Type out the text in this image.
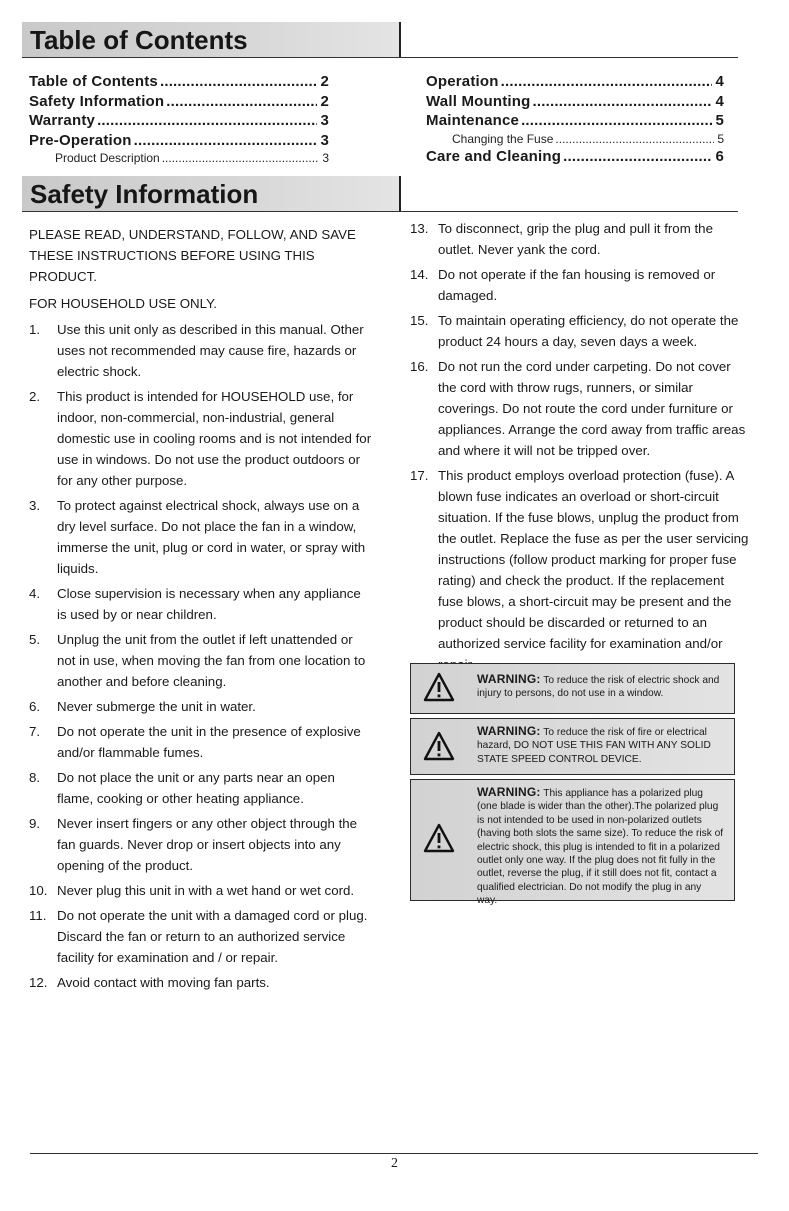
Table of Contents
Table of Contents .....	2
Safety Information .....	2
Warranty .....	3
Pre-Operation .....	3
Product Description .....	3
Operation .....	4
Wall Mounting .....	4
Maintenance .....	5
Changing the Fuse .....	5
Care and Cleaning .....	6
Safety Information

PLEASE READ, UNDERSTAND, FOLLOW, AND SAVE THESE INSTRUCTIONS BEFORE USING THIS PRODUCT.

FOR HOUSEHOLD USE ONLY.

1. Use this unit only as described in this manual. Other uses not recommended may cause fire, hazards or electric shock.
2. This product is intended for HOUSEHOLD use, for indoor, non-commercial, non-industrial, general domestic use in cooling rooms and is not intended for use in windows. Do not use the product outdoors or for any other purpose.
3. To protect against electrical shock, always use on a dry level surface. Do not place the fan in a window, immerse the unit, plug or cord in water, or spray with liquids.
4. Close supervision is necessary when any appliance is used by or near children.
5. Unplug the unit from the outlet if left unattended or not in use, when moving the fan from one location to another and before cleaning.
6. Never submerge the unit in water.
7. Do not operate the unit in the presence of explosive and/or flammable fumes.
8. Do not place the unit or any parts near an open flame, cooking or other heating appliance.
9. Never insert fingers or any other object through the fan guards. Never drop or insert objects into any opening of the product.
10. Never plug this unit in with a wet hand or wet cord.
11. Do not operate the unit with a damaged cord or plug. Discard the fan or return to an authorized service facility for examination and / or repair.
12. Avoid contact with moving fan parts.
13. To disconnect, grip the plug and pull it from the outlet. Never yank the cord.
14. Do not operate if the fan housing is removed or damaged.
15. To maintain operating efficiency, do not operate the product 24 hours a day, seven days a week.
16. Do not run the cord under carpeting. Do not cover the cord with throw rugs, runners, or similar coverings. Do not route the cord under furniture or appliances. Arrange the cord away from traffic areas and where it will not be tripped over.
17. This product employs overload protection (fuse). A blown fuse indicates an overload or short-circuit situation. If the fuse blows, unplug the product from the outlet. Replace the fuse as per the user servicing instructions (follow product marking for proper fuse rating) and check the product. If the replacement fuse blows, a short-circuit may be present and the product should be discarded or returned to an authorized service facility for examination and/or
WARNING: To reduce the risk of electric shock and injury to persons, do not use in a window.
WARNING: To reduce the risk of fire or electrical hazard, DO NOT USE THIS FAN WITH ANY SOLID STATE SPEED CONTROL DEVICE.
WARNING: This appliance has a polarized plug (one blade is wider than the other).The polarized plug is not intended to be used in non-polarized outlets (having both slots the same size). To reduce the risk of electric shock, this plug is intended to fit in a polarized outlet only one way. If the plug does not fit fully in the outlet, reverse the plug, if it still does not fit, contact a qualified electrician. Do not modify the plug in any way.
2
